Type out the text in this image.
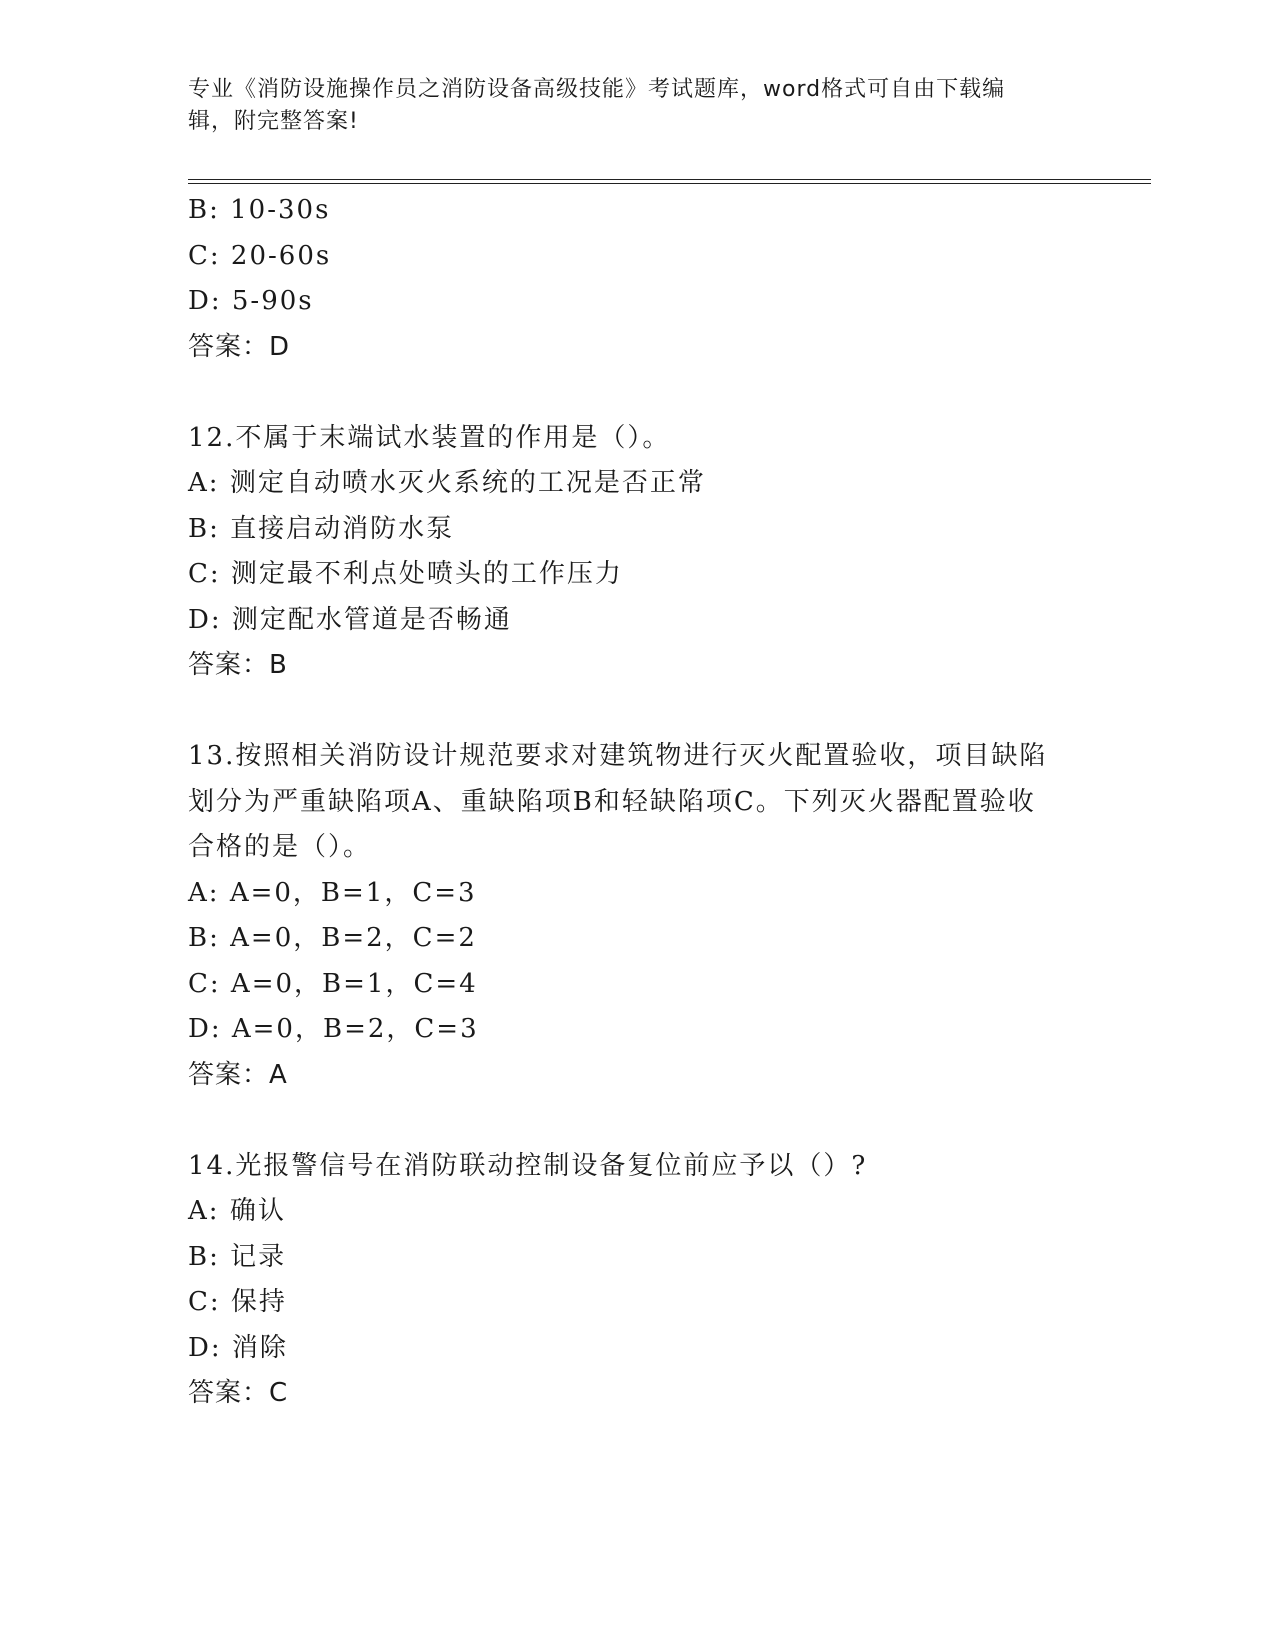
专业《消防设施操作员之消防设备高级技能》考试题库，word格式可自由下载编
辑，附完整答案!
B: 10-30s
C: 20-60s
D: 5-90s
答案：D
12.不属于末端试水装置的作用是（）。
A: 测定自动喷水灭火系统的工况是否正常
B: 直接启动消防水泵
C: 测定最不利点处喷头的工作压力
D: 测定配水管道是否畅通
答案：B
13.按照相关消防设计规范要求对建筑物进行灭火配置验收，项目缺陷
划分为严重缺陷项A、重缺陷项B和轻缺陷项C。下列灭火器配置验收
合格的是（）。
A: A=0，B=1，C=3
B: A=0，B=2，C=2
C: A=0，B=1，C=4
D: A=0，B=2，C=3
答案：A
14.光报警信号在消防联动控制设备复位前应予以（）?
A: 确认
B: 记录
C: 保持
D: 消除
答案：C
